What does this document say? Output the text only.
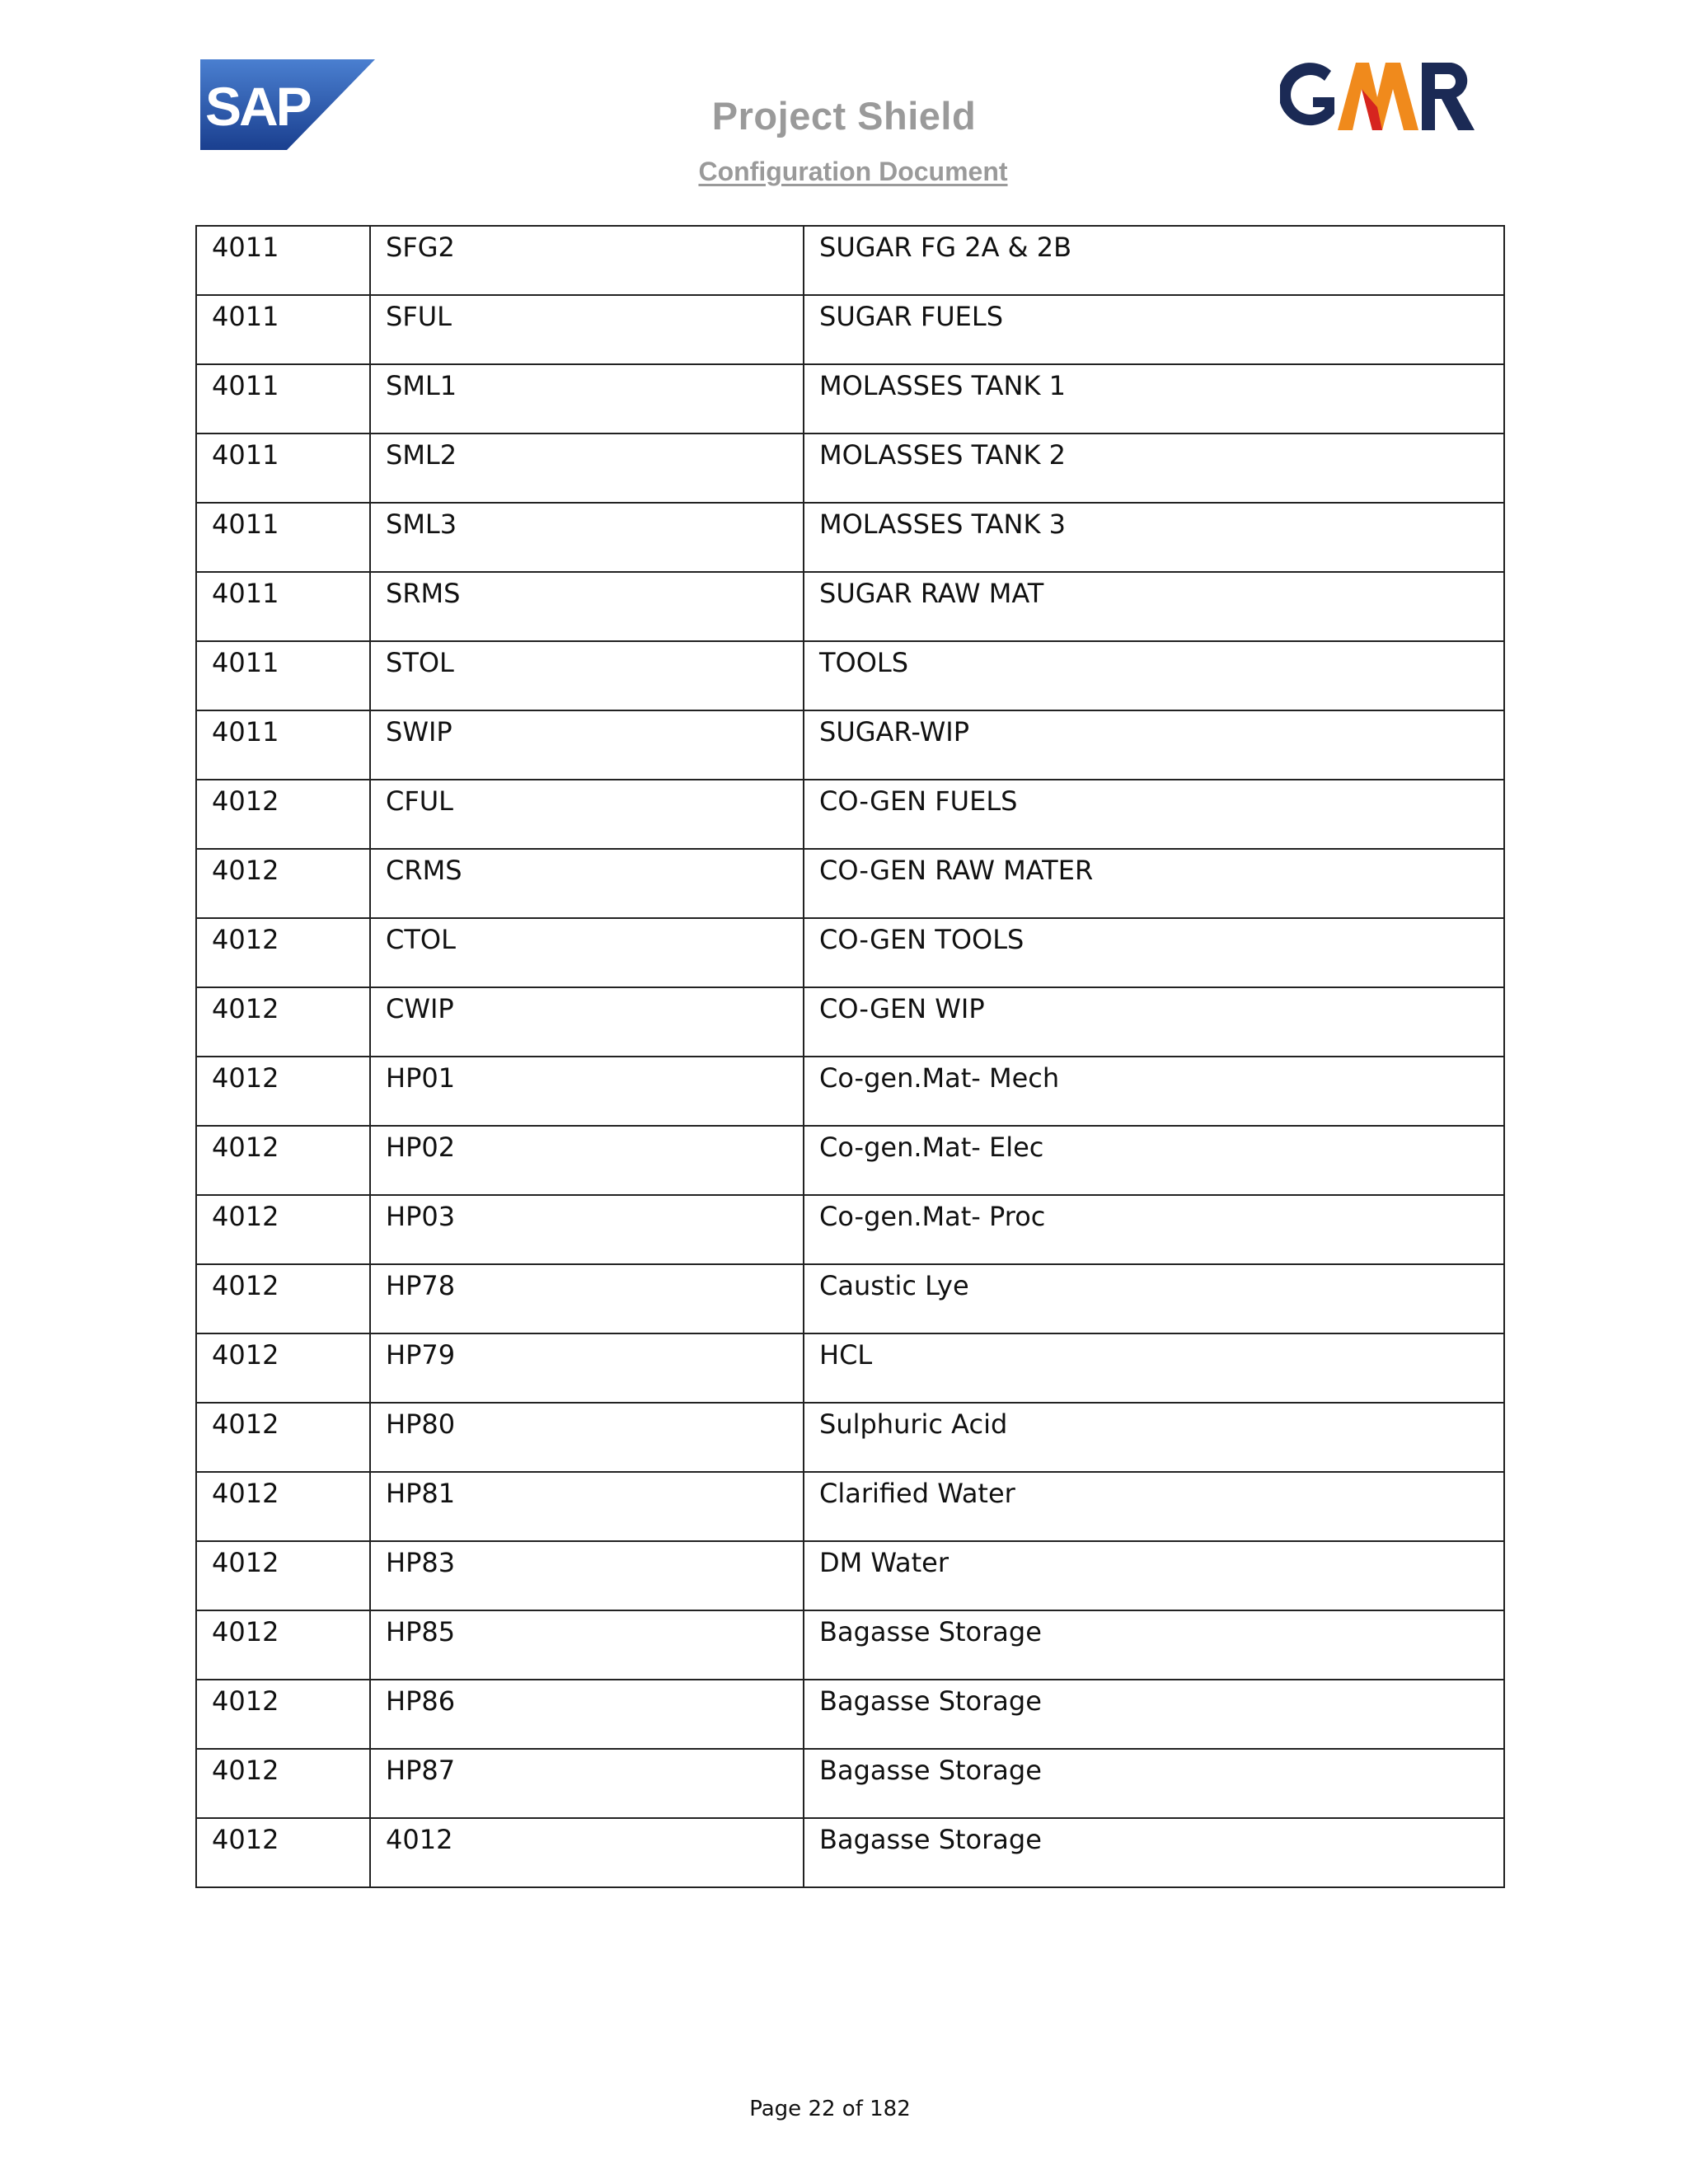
SAP	Project Shield
Configuration Document
4011	SFG2	SUGAR FG 2A & 2B
4011	SFUL	SUGAR FUELS
4011	SML1	MOLASSES TANK 1
4011	SML2	MOLASSES TANK 2
4011	SML3	MOLASSES TANK 3
4011	SRMS	SUGAR RAW MAT
4011	STOL	TOOLS
4011	SWIP	SUGAR-WIP
4012	CFUL	CO-GEN FUELS
4012	CRMS	CO-GEN RAW MATER
4012	CTOL	CO-GEN TOOLS
4012	CWIP	CO-GEN WIP
4012	HP01	Co-gen.Mat- Mech
4012	HP02	Co-gen.Mat- Elec
4012	HP03	Co-gen.Mat- Proc
4012	HP78	Caustic Lye
4012	HP79	HCL
4012	HP80	Sulphuric Acid
4012	HP81	Clarified Water
4012	HP83	DM Water
4012	HP85	Bagasse Storage
4012	HP86	Bagasse Storage
4012	HP87	Bagasse Storage
4012	4012	Bagasse Storage
Page 22 of 182
